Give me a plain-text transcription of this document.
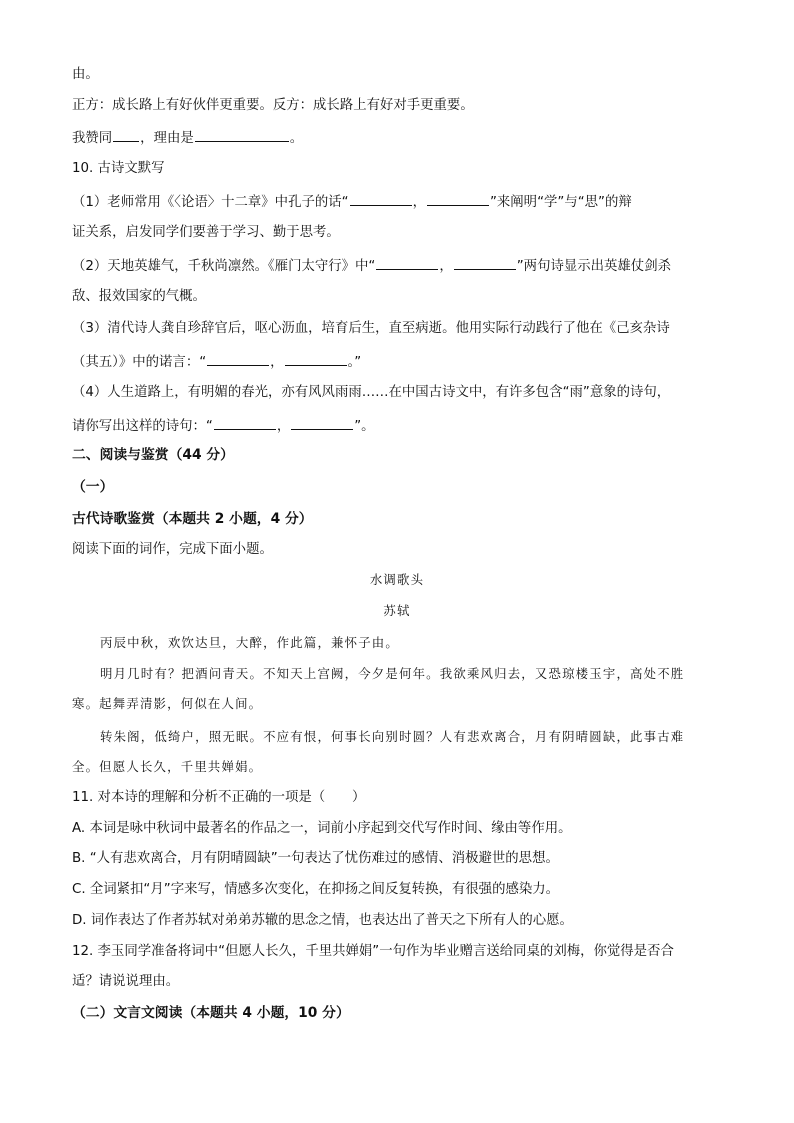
由。
正方：成长路上有好伙伴更重要。反方：成长路上有好对手更重要。
我赞同 ，理由是	。
10. 古诗文默写
（1）老师常用《〈论语〉十二章》中孔子的话“	，	”来阐明“学”与“思”的辩
证关系，启发同学们要善于学习、勤于思考。
（2）天地英雄气，千秋尚凛然。《雁门太守行》中“	，	”两句诗显示出英雄仗剑杀
敌、报效国家的气概。
（3）清代诗人龚自珍辞官后，呕心沥血，培育后生，直至病逝。他用实际行动践行了他在《己亥杂诗
（其五）》中的诺言：“	，	。”
（4）人生道路上，有明媚的春光，亦有风风雨雨……在中国古诗文中，有许多包含“雨”意象的诗句，
请你写出这样的诗句：“	，	”。
二、阅读与鉴赏（44 分）
（一）
古代诗歌鉴赏（本题共 2 小题，4 分）
阅读下面的词作，完成下面小题。
水调歌头
苏轼
丙辰中秋，欢饮达旦，大醉，作此篇，兼怀子由。
明月几时有？把酒问青天。不知天上宫阙，今夕是何年。我欲乘风归去，又恐琼楼玉宇，高处不胜
寒。起舞弄清影，何似在人间。
转朱阁，低绮户，照无眠。不应有恨，何事长向别时圆？人有悲欢离合，月有阴晴圆缺，此事古难
全。但愿人长久，千里共婵娟。
11. 对本诗的理解和分析不正确的一项是（　　）
A. 本词是咏中秋词中最著名的作品之一，词前小序起到交代写作时间、缘由等作用。
B. “人有悲欢离合，月有阴晴圆缺”一句表达了忧伤难过的感情、消极避世的思想。
C. 全词紧扣“月”字来写，情感多次变化，在抑扬之间反复转换，有很强的感染力。
D. 词作表达了作者苏轼对弟弟苏辙的思念之情，也表达出了普天之下所有人的心愿。
12. 李玉同学准备将词中“但愿人长久，千里共婵娟”一句作为毕业赠言送给同桌的刘梅，你觉得是否合
适？请说说理由。
（二）文言文阅读（本题共 4 小题，10 分）
